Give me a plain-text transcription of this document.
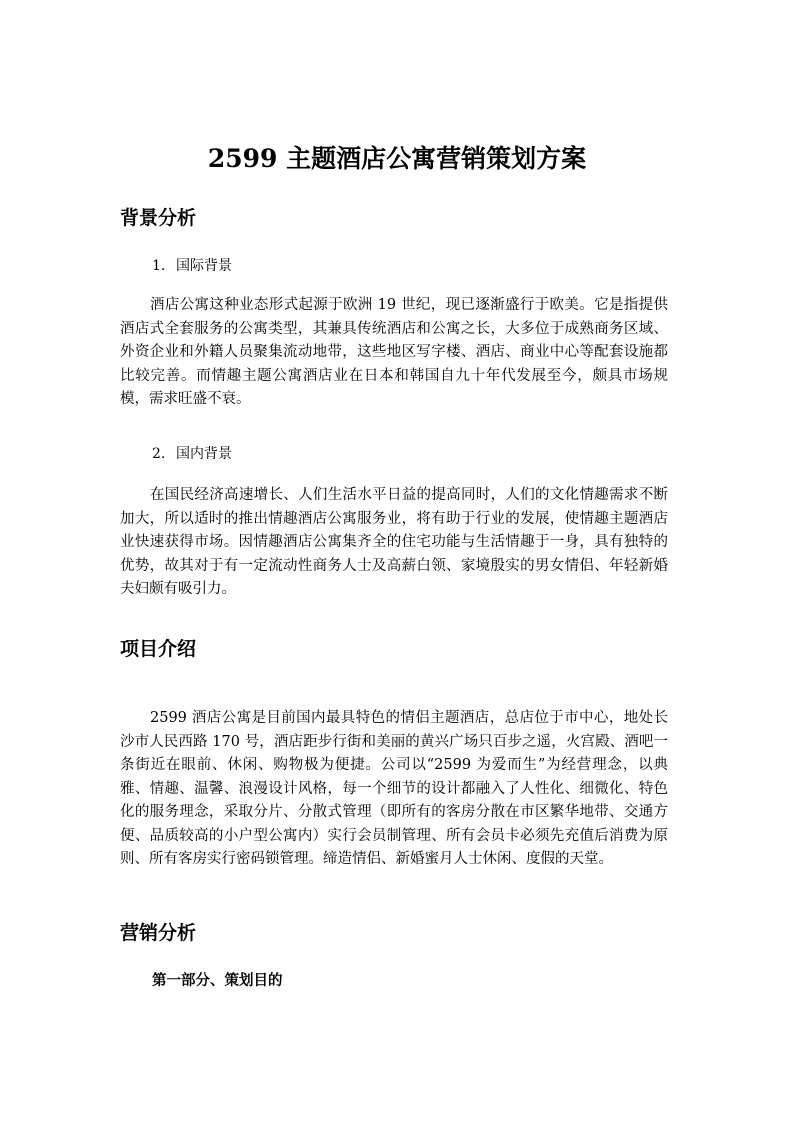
2599 主题酒店公寓营销策划方案
背景分析

1. 国际背景

酒店公寓这种业态形式起源于欧洲 19 世纪，现已逐渐盛行于欧美。它是指提供酒店式全套服务的公寓类型，其兼具传统酒店和公寓之长，大多位于成熟商务区域、外资企业和外籍人员聚集流动地带，这些地区写字楼、酒店、商业中心等配套设施都比较完善。而情趣主题公寓酒店业在日本和韩国自九十年代发展至今，颇具市场规模，需求旺盛不衰。

2. 国内背景

在国民经济高速增长、人们生活水平日益的提高同时，人们的文化情趣需求不断加大，所以适时的推出情趣酒店公寓服务业，将有助于行业的发展，使情趣主题酒店业快速获得市场。因情趣酒店公寓集齐全的住宅功能与生活情趣于一身，具有独特的优势，故其对于有一定流动性商务人士及高薪白领、家境殷实的男女情侣、年轻新婚夫妇颇有吸引力。

项目介绍

2599 酒店公寓是目前国内最具特色的情侣主题酒店，总店位于市中心，地处长沙市人民西路 170 号，酒店距步行街和美丽的黄兴广场只百步之遥，火宫殿、酒吧一条街近在眼前、休闲、购物极为便捷。公司以“2599 为爱而生”为经营理念，以典雅、情趣、温馨、浪漫设计风格，每一个细节的设计都融入了人性化、细微化、特色化的服务理念，采取分片、分散式管理（即所有的客房分散在市区繁华地带、交通方便、品质较高的小户型公寓内）实行会员制管理、所有会员卡必须先充值后消费为原则、所有客房实行密码锁管理。缔造情侣、新婚蜜月人士休闲、度假的天堂。

营销分析

第一部分、策划目的
